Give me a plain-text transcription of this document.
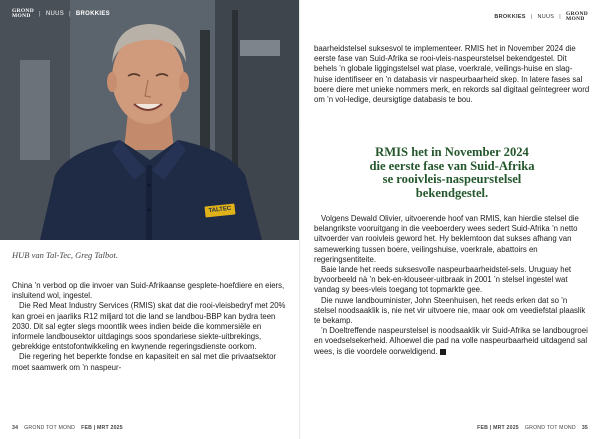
TALTEC
GROND
MOND	| NUUS | BROKKIES
HUB van Tal-Tec, Greg Talbot.

China ’n verbod op die invoer van Suid-Afrikaanse gesplete-hoefdiere en eiers, insluitend wol, ingestel.

Die Red Meat Industry Services (RMIS) skat dat die rooi-vleisbedryf met 20% kan groei en jaarliks R12 miljard tot die land se landbou-BBP kan bydra teen 2030. Dit sal egter slegs moontlik wees indien beide die kommersiële en informele landbousektor uitdagings soos spondariese siekte-uitbrekings, gebrekkige entstofontwikkeling en kwynende regeringsdienste oorkom.

Die regering het beperkte fondse en kapasiteit en sal met die privaatsektor moet saamwerk om ’n naspeur-

34 GROND TOT MOND FEB | MRT 2025
BROKKIES | NUUS | GROND
MOND

baarheidstelsel suksesvol te implementeer. RMIS het in November 2024 die eerste fase van Suid-Afrika se rooi-vleis-naspeurstelsel bekendgestel. Dit behels ’n globale liggingstelsel wat plase, voerkrale, veilings-huise en slag-huise identifiseer en ’n databasis vir naspeurbaarheid skep. In latere fases sal boere diere met unieke nommers merk, en rekords sal digitaal geïntegreer word om ’n vol-ledige, deursigtige databasis te bou.

RMIS het in November 2024
die eerste fase van Suid-Afrika
se rooivleis-naspeurstelsel
bekendgestel.

Volgens Dewald Olivier, uitvoerende hoof van RMIS, kan hierdie stelsel die belangrikste vooruitgang in die veeboerdery wees sedert Suid-Afrika ’n netto uitvoerder van rooivleis geword het. Hy beklemtoon dat sukses afhang van samewerking tussen boere, veilingshuise, voerkrale, abattoirs en regeringsentiteite.

Baie lande het reeds suksesvolle naspeurbaarheidstel-sels. Uruguay het byvoorbeeld nà ’n bek-en-klouseer-uitbraak in 2001 ’n stelsel ingestel wat vandag sy bees-vleis toegang tot topmarkte gee.

Die nuwe landbouminister, John Steenhuisen, het reeds erken dat so ’n stelsel noodsaaklik is, nie net vir uitvoere nie, maar ook om veediefstal plaaslik te bekamp.

’n Doeltreffende naspeurstelsel is noodsaaklik vir Suid-Afrika se landbougroei en voedselsekerheid. Alhoewel die pad na volle naspeurbaarheid uitdagend sal wees, is die voordele oorweldigend.

FEB | MRT 2025 GROND TOT MOND 35
